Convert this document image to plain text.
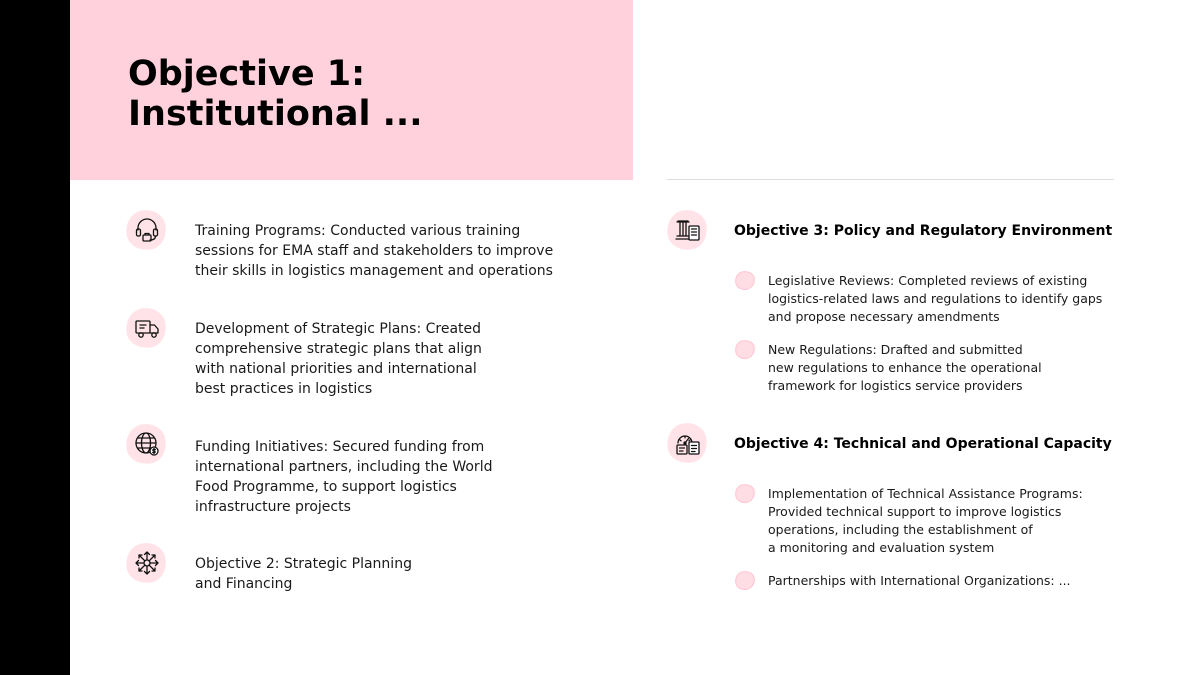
Objective 1:
Institutional ...

Training Programs: Conducted various training
sessions for EMA staff and stakeholders to improve
their skills in logistics management and operations

Development of Strategic Plans: Created
comprehensive strategic plans that align
with national priorities and international
best practices in logistics

Funding Initiatives: Secured funding from
international partners, including the World
Food Programme, to support logistics
infrastructure projects

Objective 2: Strategic Planning
and Financing

Objective 3: Policy and Regulatory Environment

Legislative Reviews: Completed reviews of existing
logistics-related laws and regulations to identify gaps
and propose necessary amendments

New Regulations: Drafted and submitted
new regulations to enhance the operational
framework for logistics service providers

Objective 4: Technical and Operational Capacity

Implementation of Technical Assistance Programs:
Provided technical support to improve logistics
operations, including the establishment of
a monitoring and evaluation system

Partnerships with International Organizations: ...
